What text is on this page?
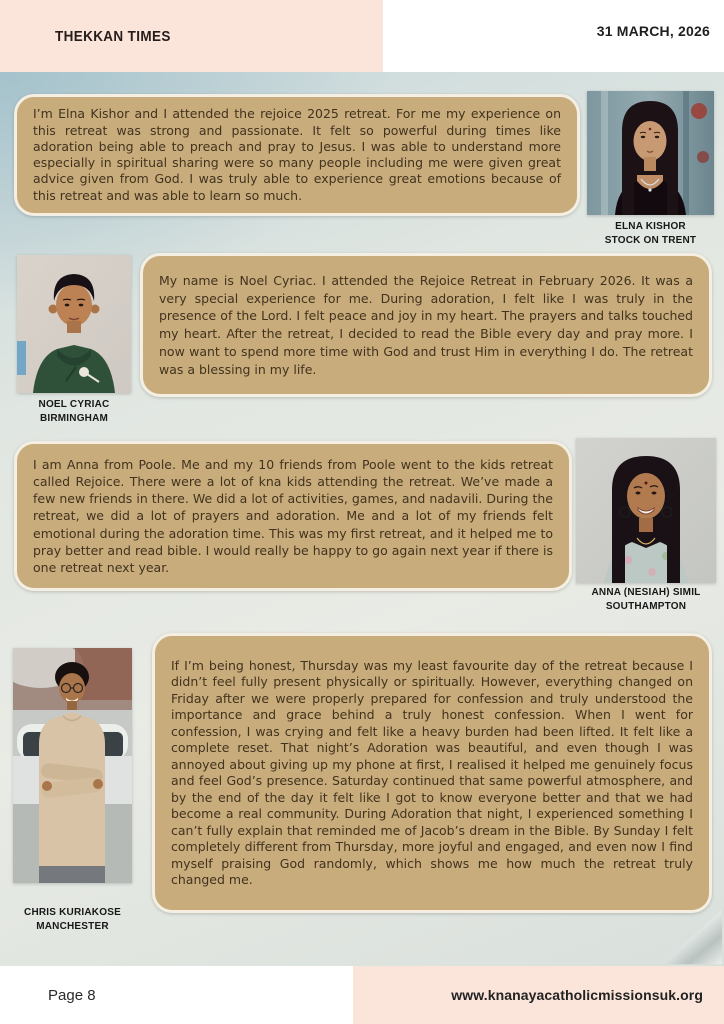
THEKKAN TIMES	31 MARCH, 2026

I’m Elna Kishor and I attended the rejoice 2025 retreat. For me my experience on this retreat was strong and passionate. It felt so powerful during times like adoration being able to preach and pray to Jesus. I was able to understand more especially in spiritual sharing were so many people including me were given great advice given from God. I was truly able to experience great emotions because of this retreat and was able to learn so much.

ELNA KISHOR
STOCK ON TRENT
NOEL CYRIAC
BIRMINGHAM

My name is Noel Cyriac. I attended the Rejoice Retreat in February 2026. It was a very special experience for me. During adoration, I felt like I was truly in the presence of the Lord. I felt peace and joy in my heart. The prayers and talks touched my heart. After the retreat, I decided to read the Bible every day and pray more. I now want to spend more time with God and trust Him in everything I do. The retreat was a blessing in my life.

I am Anna from Poole. Me and my 10 friends from Poole went to the kids retreat called Rejoice. There were a lot of kna kids attending the retreat. We’ve made a few new friends in there. We did a lot of activities, games, and nadavili. During the retreat, we did a lot of prayers and adoration. Me and a lot of my friends felt emotional during the adoration time. This was my first retreat, and it helped me to pray better and read bible. I would really be happy to go again next year if there is one retreat next year.

ANNA (NESIAH) SIMIL
SOUTHAMPTON
CHRIS KURIAKOSE
MANCHESTER

If I’m being honest, Thursday was my least favourite day of the retreat because I didn’t feel fully present physically or spiritually. However, everything changed on Friday after we were properly prepared for confession and truly understood the importance and grace behind a truly honest confession. When I went for confession, I was crying and felt like a heavy burden had been lifted. It felt like a complete reset. That night’s Adoration was beautiful, and even though I was annoyed about giving up my phone at first, I realised it helped me genuinely focus and feel God’s presence. Saturday continued that same powerful atmosphere, and by the end of the day it felt like I got to know everyone better and that we had become a real community. During Adoration that night, I experienced something I can’t fully explain that reminded me of Jacob’s dream in the Bible. By Sunday I felt completely different from Thursday, more joyful and engaged, and even now I find myself praising God randomly, which shows me how much the retreat truly changed me.

Page 8	www.knanayacatholicmissionsuk.org
